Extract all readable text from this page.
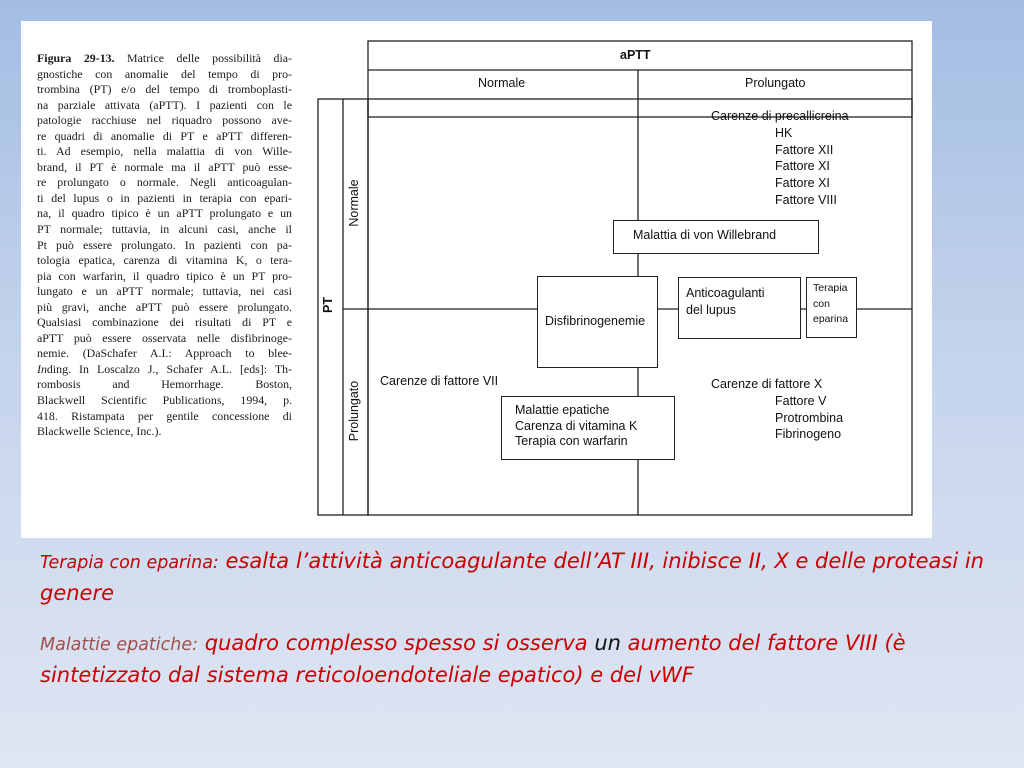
Figura 29-13. Matrice delle possibilità dia-
gnostiche con anomalie del tempo di pro-
trombina (PT) e/o del tempo di tromboplasti-
na parziale attivata (aPTT). I pazienti con le
patologie racchiuse nel riquadro possono ave-
re quadri di anomalie di PT e aPTT differen-
ti. Ad esempio, nella malattia di von Wille-
brand, il PT è normale ma il aPTT può esse-
re prolungato o normale. Negli anticoagulan-
ti del lupus o in pazienti in terapia con epari-
na, il quadro tipico è un aPTT prolungato e un
PT normale; tuttavia, in alcuni casi, anche il
Pt può essere prolungato. In pazienti con pa-
tologia epatica, carenza di vitamina K, o tera-
pia con warfarin, il quadro tipico è un PT pro-
lungato e un aPTT normale; tuttavia, nei casi
più gravi, anche aPTT può essere prolungato.
Qualsiasi combinazione dei risultati di PT e
aPTT può essere osservata nelle disfibrinoge-
nemie. (DaSchafer A.I.: Approach to blee-
Inding. In Loscalzo J., Schafer A.L. [eds]: Th-
rombosis and Hemorrhage. Boston,
Blackwell Scientific Publications, 1994, p.
418. Ristampata per gentile concessione di
Blackwelle Science, Inc.).
aPTT
Normale	Prolungato
PT
Normale
Prolungato
Carenze di precallicreina
HK
Fattore XII
Fattore XI
Fattore XI
Fattore VIII
Carenze di fattore VII	Carenze di fattore X
Fattore V
Protrombina
Fibrinogeno
Malattia di von Willebrand
Disfibrinogenemie
Anticoagulanti
del lupus
Terapia
con
eparina
Malattie epatiche
Carenza di vitamina K
Terapia con warfarin
Terapia con eparina: esalta l’attività anticoagulante dell’AT III, inibisce II, X e delle proteasi in genere
Malattie epatiche: quadro complesso spesso si osserva un aumento del fattore VIII (è sintetizzato dal sistema reticoloendoteliale epatico) e del vWF
